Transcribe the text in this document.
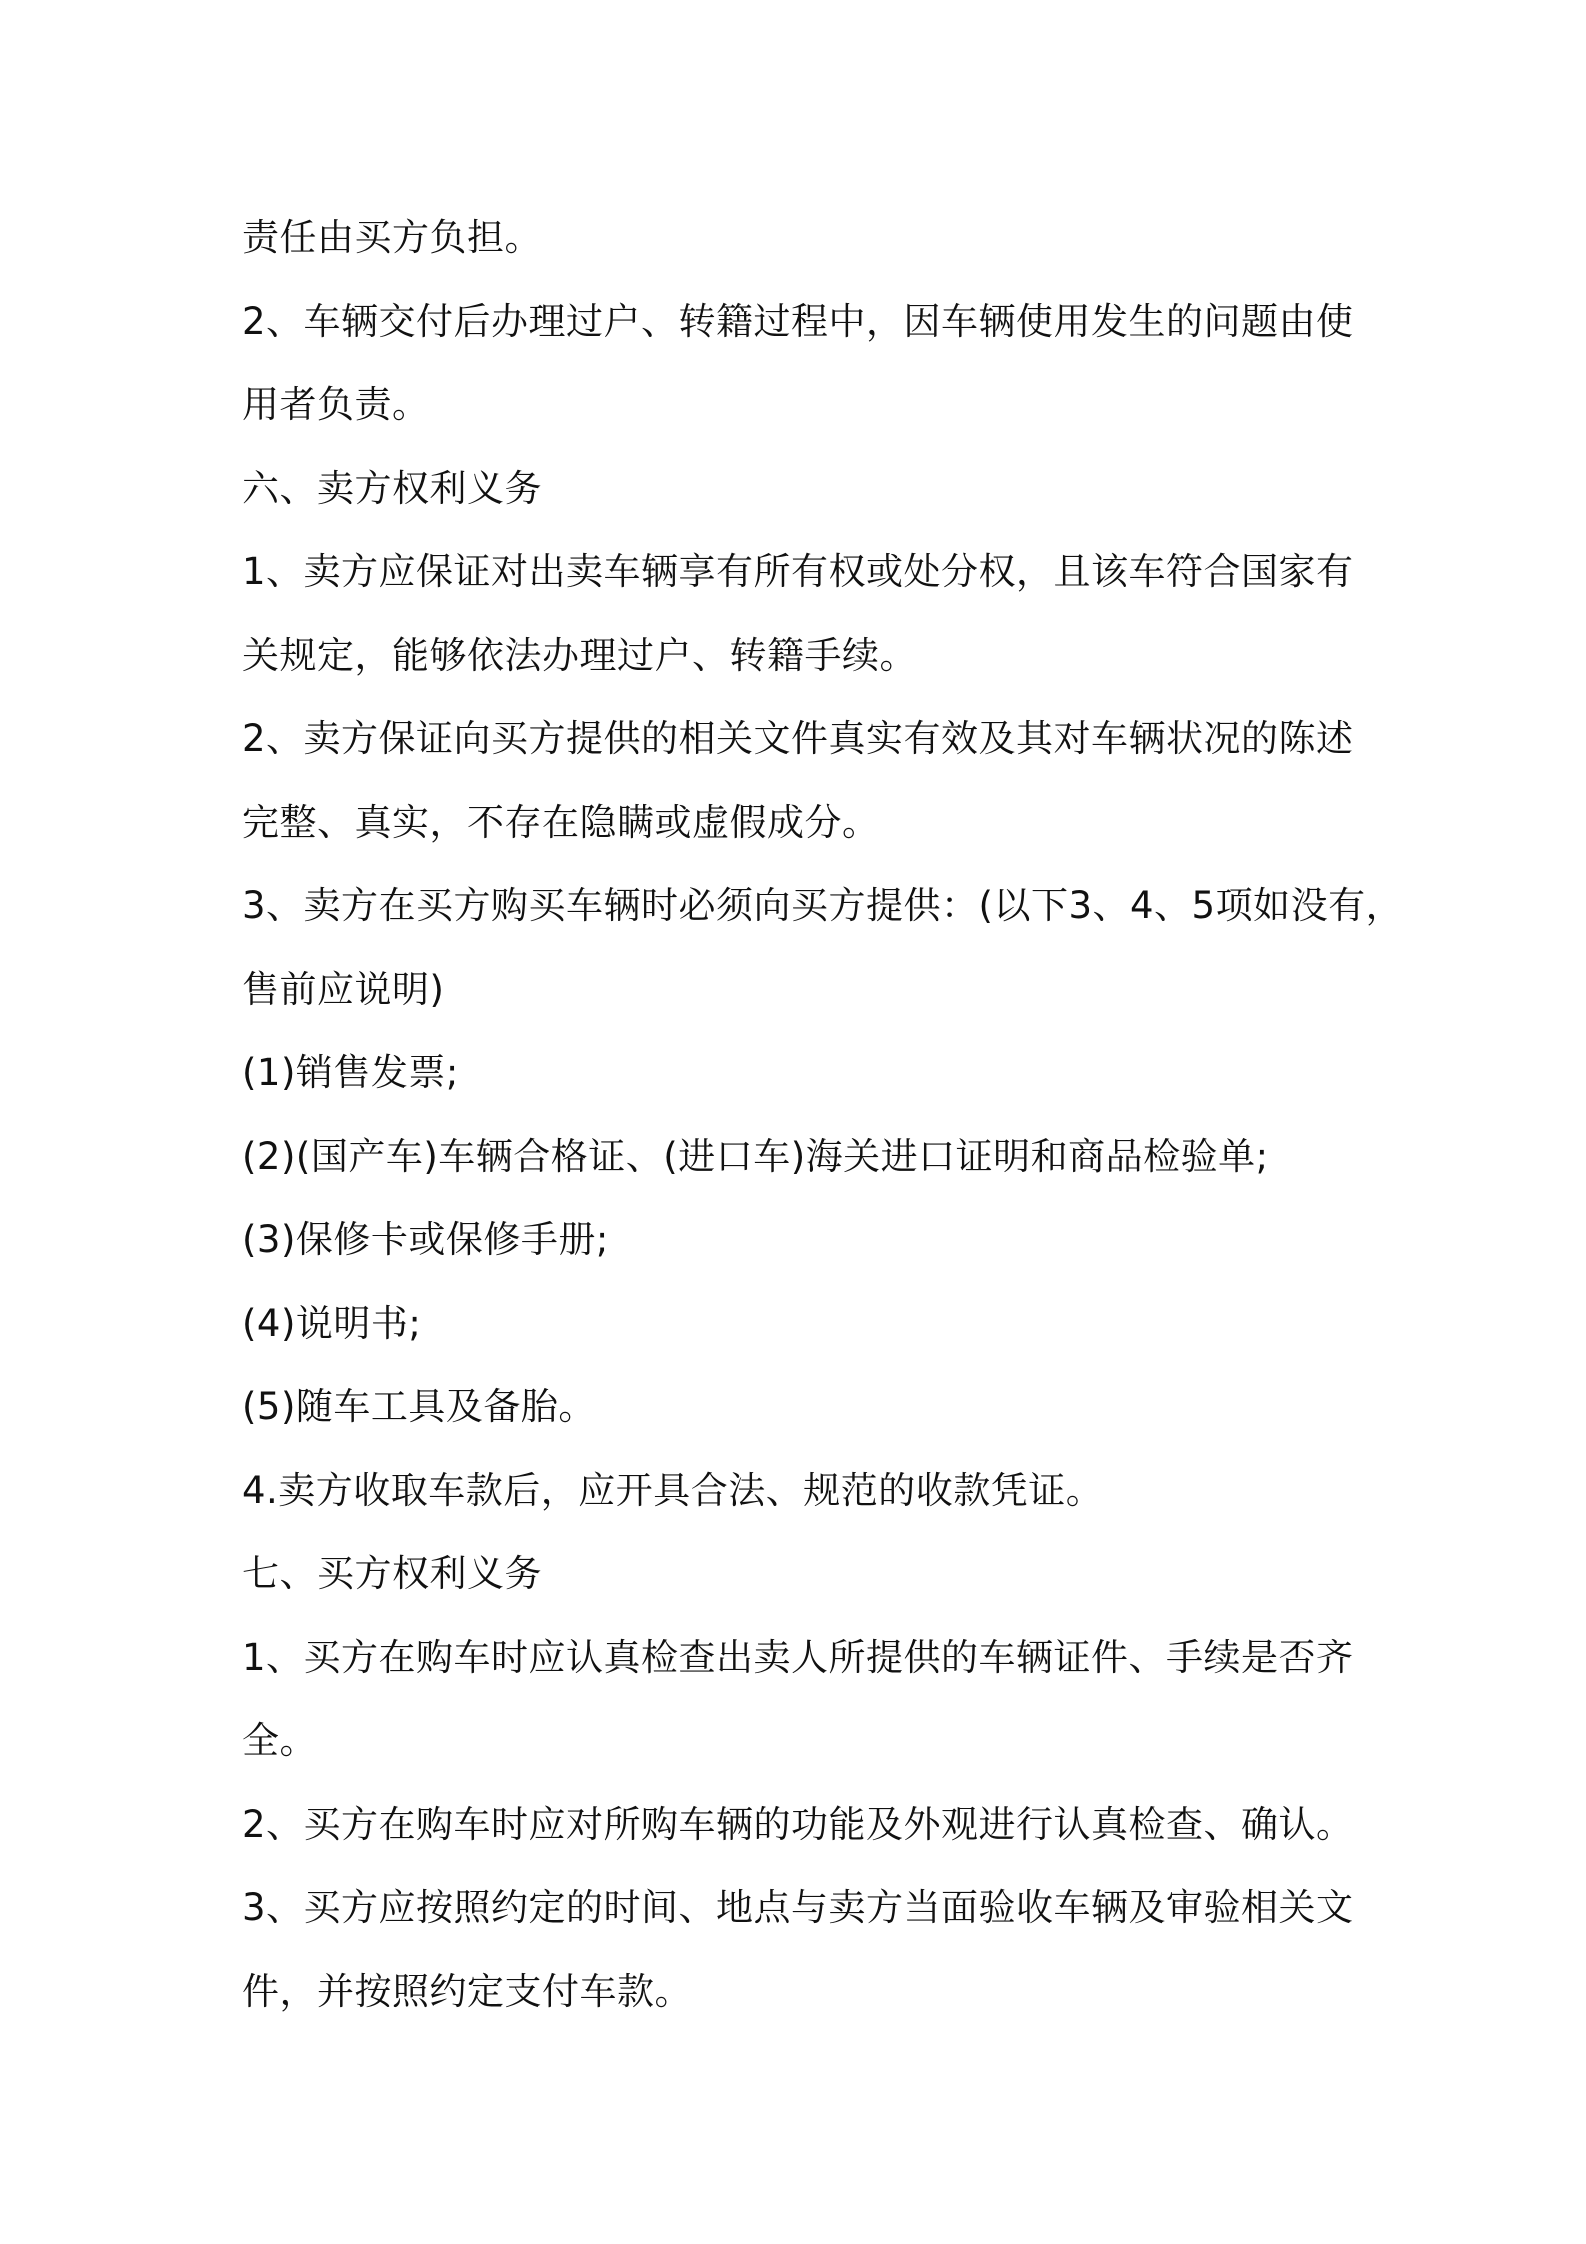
责任由买方负担。
2、车辆交付后办理过户、转籍过程中，因车辆使用发生的问题由使
用者负责。
六、卖方权利义务
1、卖方应保证对出卖车辆享有所有权或处分权，且该车符合国家有
关规定，能够依法办理过户、转籍手续。
2、卖方保证向买方提供的相关文件真实有效及其对车辆状况的陈述
完整、真实，不存在隐瞒或虚假成分。
3、卖方在买方购买车辆时必须向买方提供：(以下3、4、5项如没有，
售前应说明)
(1)销售发票;
(2)(国产车)车辆合格证、(进口车)海关进口证明和商品检验单;
(3)保修卡或保修手册;
(4)说明书;
(5)随车工具及备胎。
4.卖方收取车款后，应开具合法、规范的收款凭证。
七、买方权利义务
1、买方在购车时应认真检查出卖人所提供的车辆证件、手续是否齐
全。
2、买方在购车时应对所购车辆的功能及外观进行认真检查、确认。
3、买方应按照约定的时间、地点与卖方当面验收车辆及审验相关文
件，并按照约定支付车款。
